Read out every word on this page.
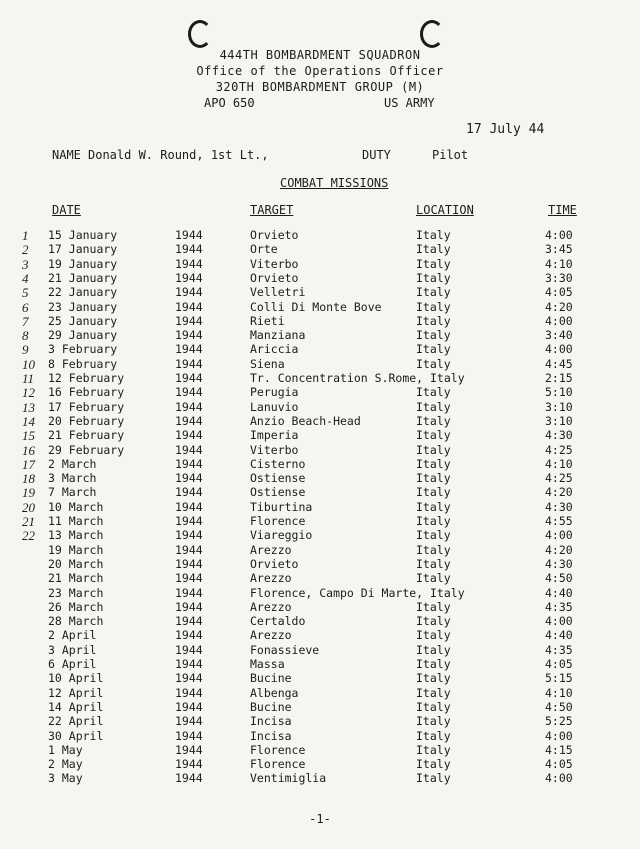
444TH BOMBARDMENT SQUADRON
Office of the Operations Officer
320TH BOMBARDMENT GROUP (M)
APO 650	US ARMY
17 July 44
NAME Donald W. Round, 1st Lt.,	DUTY	Pilot
COMBAT MISSIONS
DATE	TARGET	LOCATION	TIME
1 15 January	1944	Orvieto	Italy	4:00
2 17 January	1944	Orte	Italy	3:45
3 19 January	1944	Viterbo	Italy	4:10
4 21 January	1944	Orvieto	Italy	3:30
5 22 January	1944	Velletri	Italy	4:05
6 23 January	1944	Colli Di Monte Bove	Italy	4:20
7 25 January	1944	Rieti	Italy	4:00
8 29 January	1944	Manziana	Italy	3:40
9 3 February	1944	Ariccia	Italy	4:00
10 8 February	1944	Siena	Italy	4:45
11 12 February	1944	Tr. Concentration S.Rome, Italy	2:15
12 16 February	1944	Perugia	Italy	5:10
13 17 February	1944	Lanuvio	Italy	3:10
14 20 February	1944	Anzio Beach-Head	Italy	3:10
15 21 February	1944	Imperia	Italy	4:30
16 29 February	1944	Viterbo	Italy	4:25
17 2 March	1944	Cisterno	Italy	4:10
18 3 March	1944	Ostiense	Italy	4:25
19 7 March	1944	Ostiense	Italy	4:20
20 10 March	1944	Tiburtina	Italy	4:30
21 11 March	1944	Florence	Italy	4:55
22 13 March	1944	Viareggio	Italy	4:00
19 March	1944	Arezzo	Italy	4:20
20 March	1944	Orvieto	Italy	4:30
21 March	1944	Arezzo	Italy	4:50
23 March	1944	Florence, Campo Di Marte, Italy	4:40
26 March	1944	Arezzo	Italy	4:35
28 March	1944	Certaldo	Italy	4:00
2 April	1944	Arezzo	Italy	4:40
3 April	1944	Fonassieve	Italy	4:35
6 April	1944	Massa	Italy	4:05
10 April	1944	Bucine	Italy	5:15
12 April	1944	Albenga	Italy	4:10
14 April	1944	Bucine	Italy	4:50
22 April	1944	Incisa	Italy	5:25
30 April	1944	Incisa	Italy	4:00
1 May	1944	Florence	Italy	4:15
2 May	1944	Florence	Italy	4:05
3 May	1944	Ventimiglia	Italy	4:00
-1-
